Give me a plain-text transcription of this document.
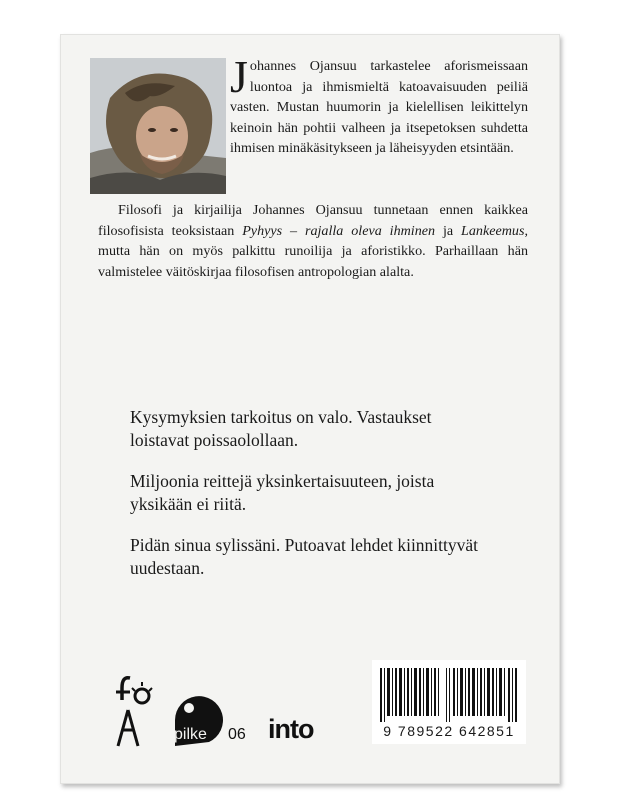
Johannes Ojansuu tarkastelee aforismeissaan luontoa ja ihmismieltä katoavaisuuden peiliä vasten. Mustan huumorin ja kielellisen leikittelyn keinoin hän pohtii valheen ja itsepetoksen suhdetta ihmisen minäkäsitykseen ja läheisyyden etsintään.

Filosofi ja kirjailija Johannes Ojansuu tunnetaan ennen kaikkea filosofisista teoksistaan Pyhyys – rajalla oleva ihminen ja Lankeemus, mutta hän on myös palkittu runoilija ja aforistikko. Parhaillaan hän valmistelee väitöskirjaa filosofisen antropologian alalta.

Kysymyksien tarkoitus on valo. Vastaukset loistavat poissaolollaan.

Miljoonia reittejä yksinkertaisuuteen, joista yksikään ei riitä.

Pidän sinua sylissäni. Putoavat lehdet kiinnittyvät uudestaan.

pilke 06 into	9 789522 642851
